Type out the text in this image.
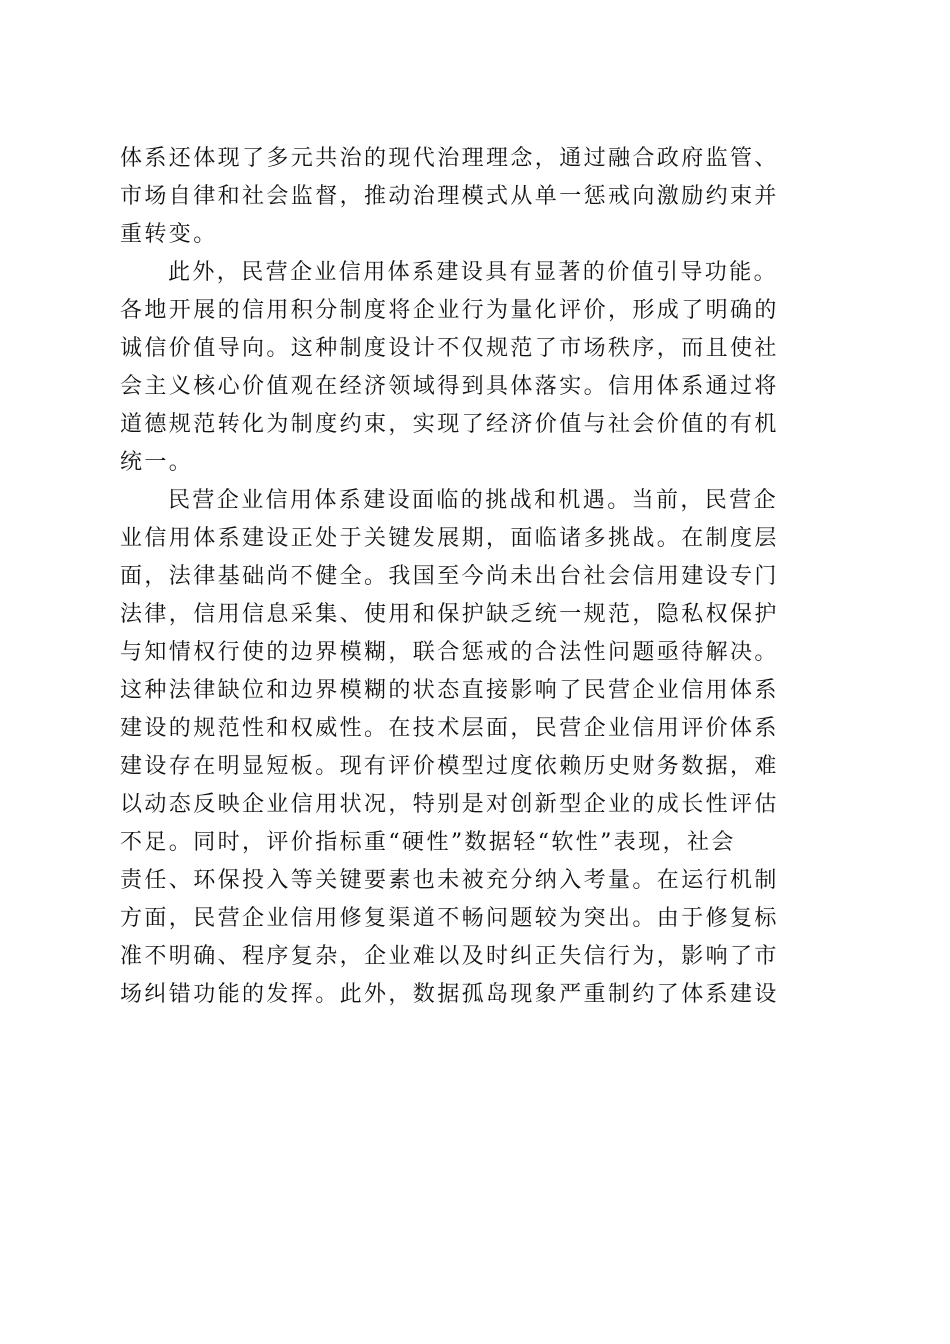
体系还体现了多元共治的现代治理理念，通过融合政府监管、
市场自律和社会监督，推动治理模式从单一惩戒向激励约束并
重转变。
此外，民营企业信用体系建设具有显著的价值引导功能。
各地开展的信用积分制度将企业行为量化评价，形成了明确的
诚信价值导向。这种制度设计不仅规范了市场秩序，而且使社
会主义核心价值观在经济领域得到具体落实。信用体系通过将
道德规范转化为制度约束，实现了经济价值与社会价值的有机
统一。
民营企业信用体系建设面临的挑战和机遇。当前，民营企
业信用体系建设正处于关键发展期，面临诸多挑战。在制度层
面，法律基础尚不健全。我国至今尚未出台社会信用建设专门
法律，信用信息采集、使用和保护缺乏统一规范，隐私权保护
与知情权行使的边界模糊，联合惩戒的合法性问题亟待解决。
这种法律缺位和边界模糊的状态直接影响了民营企业信用体系
建设的规范性和权威性。在技术层面，民营企业信用评价体系
建设存在明显短板。现有评价模型过度依赖历史财务数据，难
以动态反映企业信用状况，特别是对创新型企业的成长性评估
不足。同时，评价指标重“硬性”数据轻“软性”表现，社会
责任、环保投入等关键要素也未被充分纳入考量。在运行机制
方面，民营企业信用修复渠道不畅问题较为突出。由于修复标
准不明确、程序复杂，企业难以及时纠正失信行为，影响了市
场纠错功能的发挥。此外，数据孤岛现象严重制约了体系建设
